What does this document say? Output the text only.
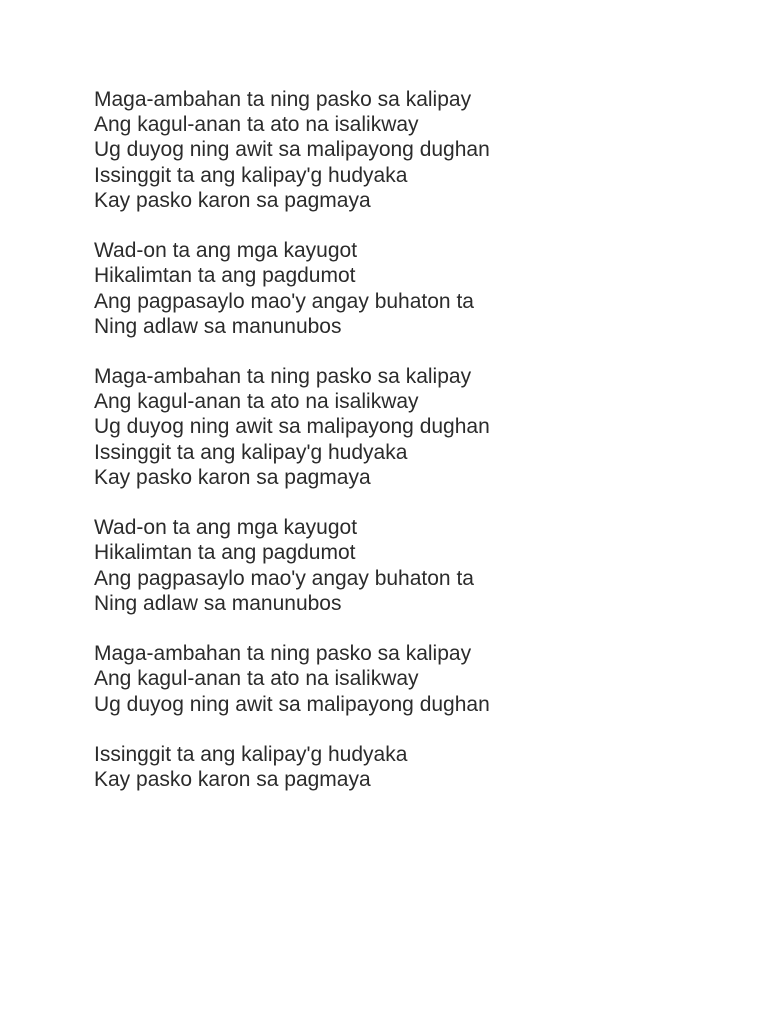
Maga-ambahan ta ning pasko sa kalipay
Ang kagul-anan ta ato na isalikway
Ug duyog ning awit sa malipayong dughan
Issinggit ta ang kalipay'g hudyaka
Kay pasko karon sa pagmaya
Wad-on ta ang mga kayugot
Hikalimtan ta ang pagdumot
Ang pagpasaylo mao'y angay buhaton ta
Ning adlaw sa manunubos
Maga-ambahan ta ning pasko sa kalipay
Ang kagul-anan ta ato na isalikway
Ug duyog ning awit sa malipayong dughan
Issinggit ta ang kalipay'g hudyaka
Kay pasko karon sa pagmaya
Wad-on ta ang mga kayugot
Hikalimtan ta ang pagdumot
Ang pagpasaylo mao'y angay buhaton ta
Ning adlaw sa manunubos
Maga-ambahan ta ning pasko sa kalipay
Ang kagul-anan ta ato na isalikway
Ug duyog ning awit sa malipayong dughan
Issinggit ta ang kalipay'g hudyaka
Kay pasko karon sa pagmaya
